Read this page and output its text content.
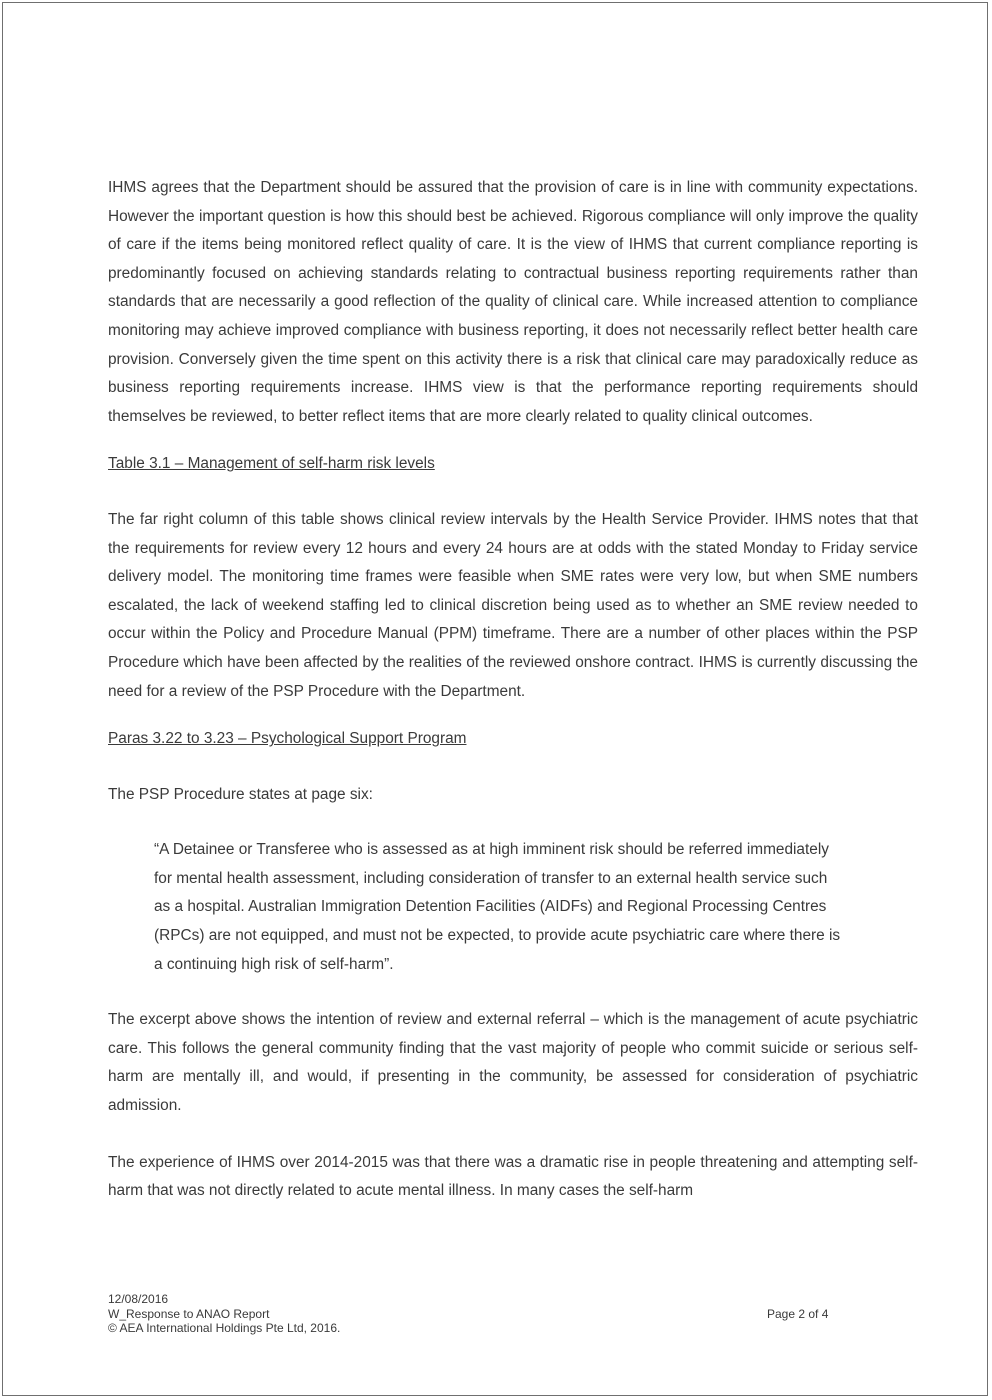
IHMS agrees that the Department should be assured that the provision of care is in line with community expectations. However the important question is how this should best be achieved. Rigorous compliance will only improve the quality of care if the items being monitored reflect quality of care. It is the view of IHMS that current compliance reporting is predominantly focused on achieving standards relating to contractual business reporting requirements rather than standards that are necessarily a good reflection of the quality of clinical care. While increased attention to compliance monitoring may achieve improved compliance with business reporting, it does not necessarily reflect better health care provision. Conversely given the time spent on this activity there is a risk that clinical care may paradoxically reduce as business reporting requirements increase. IHMS view is that the performance reporting requirements should themselves be reviewed, to better reflect items that are more clearly related to quality clinical outcomes.

Table 3.1 – Management of self-harm risk levels

The far right column of this table shows clinical review intervals by the Health Service Provider. IHMS notes that that the requirements for review every 12 hours and every 24 hours are at odds with the stated Monday to Friday service delivery model. The monitoring time frames were feasible when SME rates were very low, but when SME numbers escalated, the lack of weekend staffing led to clinical discretion being used as to whether an SME review needed to occur within the Policy and Procedure Manual (PPM) timeframe. There are a number of other places within the PSP Procedure which have been affected by the realities of the reviewed onshore contract. IHMS is currently discussing the need for a review of the PSP Procedure with the Department.

Paras 3.22 to 3.23 – Psychological Support Program

The PSP Procedure states at page six:

“A Detainee or Transferee who is assessed as at high imminent risk should be referred immediately for mental health assessment, including consideration of transfer to an external health service such as a hospital. Australian Immigration Detention Facilities (AIDFs) and Regional Processing Centres (RPCs) are not equipped, and must not be expected, to provide acute psychiatric care where there is a continuing high risk of self-harm”.

The excerpt above shows the intention of review and external referral – which is the management of acute psychiatric care. This follows the general community finding that the vast majority of people who commit suicide or serious self-harm are mentally ill, and would, if presenting in the community, be assessed for consideration of psychiatric admission.

The experience of IHMS over 2014-2015 was that there was a dramatic rise in people threatening and attempting self-harm that was not directly related to acute mental illness. In many cases the self-harm

12/08/2016
W_Response to ANAO Report
© AEA International Holdings Pte Ltd, 2016.
Page 2 of 4
